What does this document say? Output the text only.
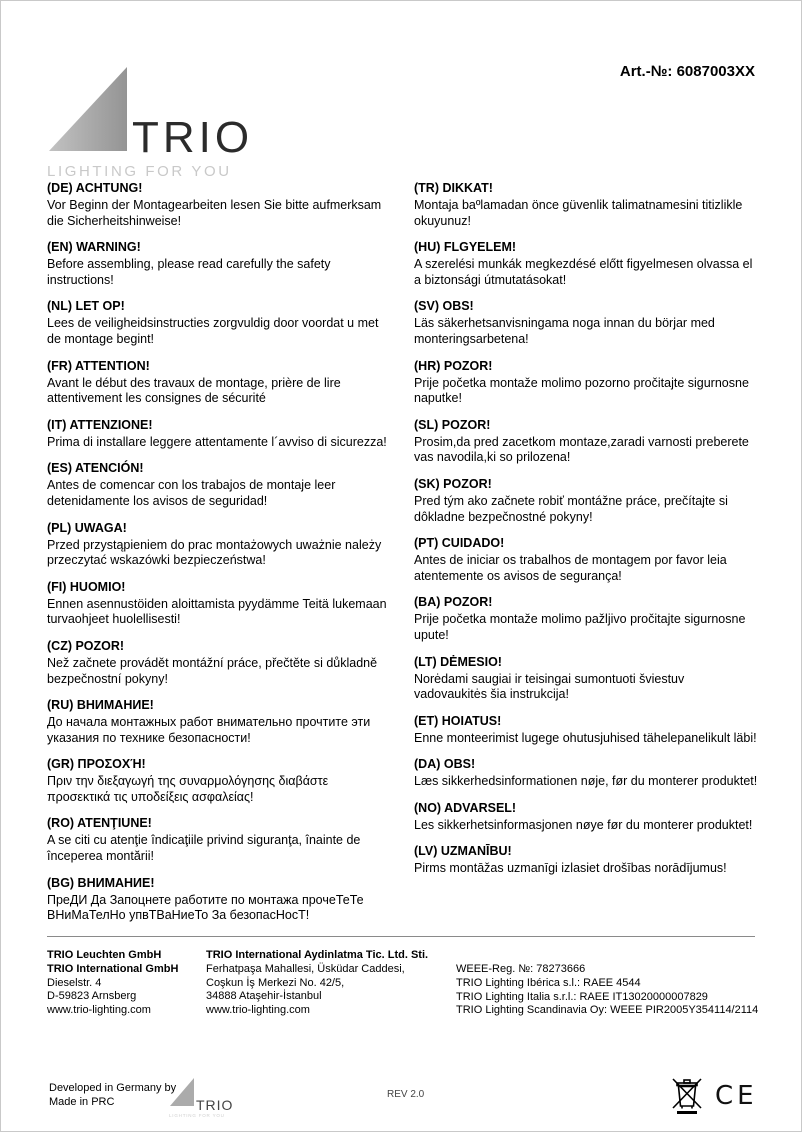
Art.-№: 6087003XX
TRIO
LIGHTING FOR YOU
(DE) ACHTUNG!
Vor Beginn der Montagearbeiten lesen Sie bitte aufmerksam die Sicherheitshinweise!
(EN) WARNING!
Before assembling, please read carefully the safety instructions!
(NL) LET OP!
Lees de veiligheidsinstructies zorgvuldig door voordat u met de montage begint!
(FR) ATTENTION!
Avant le début des travaux de montage, prière de lire attentivement les consignes de sécurité
(IT) ATTENZIONE!
Prima di installare leggere attentamente l´avviso di sicurezza!
(ES) ATENCIÓN!
Antes de comencar con los trabajos de montaje leer detenidamente los avisos de seguridad!
(PL) UWAGA!
Przed przystąpieniem do prac montażowych uważnie należy przeczytać wskazówki bezpieczeństwa!
(FI) HUOMIO!
Ennen asennustöiden aloittamista pyydämme Teitä lukemaan turvaohjeet huolellisesti!
(CZ) POZOR!
Než začnete provádět montážní práce, přečtěte si důkladně bezpečnostní pokyny!
(RU) ВНИМАНИЕ!
До начала монтажных работ внимательно прочтите эти указания по технике безопасности!
(GR) ΠΡΟΣΟΧΉ!
Πριν την διεξαγωγή της συναρμολόγησης διαβάστε προσεκτικά τις υποδείξεις ασφαλείας!
(RO) ATENŢIUNE!
A se citi cu atenţie îndicaţiile privind siguranţa, înainte de începerea montării!
(BG) ВНИМАНИЕ!
ПреДИ Да Запоцнете работите по монтажа прочеТеТе ВНиМаТелНо упвТВаНиеТо За безопасНосТ!
(TR) DIKKAT!
Montaja baºlamadan önce güvenlik talimatnamesini titizlikle okuyunuz!
(HU) FLGYELEM!
A szerelési munkák megkezdésé előtt figyelmesen olvassa el a biztonsági útmutatásokat!
(SV) OBS!
Läs säkerhetsanvisningama noga innan du börjar med monteringsarbetena!
(HR) POZOR!
Prije početka montaže molimo pozorno pročitajte sigurnosne naputke!
(SL) POZOR!
Prosim,da pred zacetkom montaze,zaradi varnosti preberete vas navodila,ki so prilozena!
(SK) POZOR!
Pred tým ako začnete robiť montážne práce, prečítajte si dôkladne bezpečnostné pokyny!
(PT) CUIDADO!
Antes de iniciar os trabalhos de montagem por favor leia atentemente os avisos de segurança!
(BA) POZOR!
Prije početka montaže molimo pažljivo pročitajte sigurnosne upute!
(LT) DĖMESIO!
Norėdami saugiai ir teisingai sumontuoti šviestuv vadovaukitės šia instrukcija!
(ET) HOIATUS!
Enne monteerimist lugege ohutusjuhised tähelepanelikult läbi!
(DA) OBS!
Læs sikkerhedsinformationen nøje, før du monterer produktet!
(NO) ADVARSEL!
Les sikkerhetsinformasjonen nøye før du monterer produktet!
(LV) UZMANĪBU!
Pirms montāžas uzmanīgi izlasiet drošības norādījumus!
TRIO Leuchten GmbH
TRIO International GmbH
Dieselstr. 4
D-59823 Arnsberg
www.trio-lighting.com
TRIO International Aydinlatma Tic. Ltd. Sti.
Ferhatpaşa Mahallesi, Üsküdar Caddesi,
Coşkun İş Merkezi No. 42/5,
34888 Ataşehir-İstanbul
www.trio-lighting.com
WEEE-Reg. №: 78273666
TRIO Lighting Ibérica s.l.: RAEE 4544
TRIO Lighting Italia s.r.l.: RAEE IT13020000007829
TRIO Lighting Scandinavia Oy: WEEE PIR2005Y354114/2114
Developed in Germany by
Made in PRC	TRIO
LIGHTING FOR YOU
REV 2.0	CE
